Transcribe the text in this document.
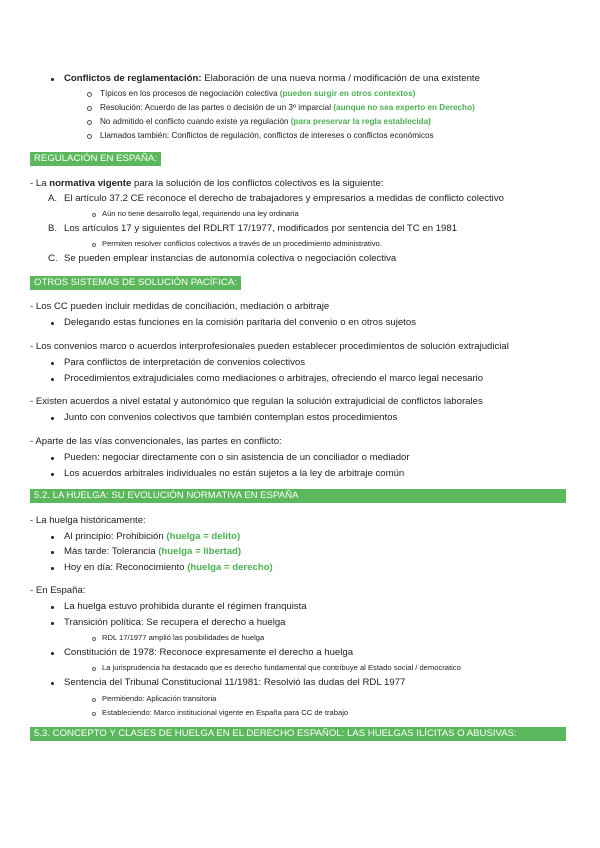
Conflictos de reglamentación: Elaboración de una nueva norma / modificación de una existente
Típicos en los procesos de negociación colectiva (pueden surgir en otros contextos)
Resolución: Acuerdo de las partes o decisión de un 3º imparcial (aunque no sea experto en Derecho)
No admitido el conflicto cuando existe ya regulación (para preservar la regla establecida)
Llamados también: Conflictos de regulación, conflictos de intereses o conflictos económicos
REGULACIÓN EN ESPAÑA:
- La normativa vigente para la solución de los conflictos colectivos es la siguiente:
A. El artículo 37.2 CE reconoce el derecho de trabajadores y empresarios a medidas de conflicto colectivo
Aún no tiene desarrollo legal, requiriendo una ley ordinaria
B. Los artículos 17 y siguientes del RDLRT 17/1977, modificados por sentencia del TC en 1981
Permiten resolver conflictos colectivos a través de un procedimiento administrativo.
C. Se pueden emplear instancias de autonomía colectiva o negociación colectiva
OTROS SISTEMAS DE SOLUCIÓN PACÍFICA:
- Los CC pueden incluir medidas de conciliación, mediación o arbitraje
Delegando estas funciones en la comisión paritaria del convenio o en otros sujetos
- Los convenios marco o acuerdos interprofesionales pueden establecer procedimientos de solución extrajudicial
Para conflictos de interpretación de convenios colectivos
Procedimientos extrajudiciales como mediaciones o arbitrajes, ofreciendo el marco legal necesario
- Existen acuerdos a nivel estatal y autonómico que regulan la solución extrajudicial de conflictos laborales
Junto con convenios colectivos que también contemplan estos procedimientos
- Aparte de las vías convencionales, las partes en conflicto:
Pueden: negociar directamente con o sin asistencia de un conciliador o mediador
Los acuerdos arbitrales individuales no están sujetos a la ley de arbitraje común
5.2. LA HUELGA: SU EVOLUCIÓN NORMATIVA EN ESPAÑA
- La huelga históricamente:
Al principio: Prohibición (huelga = delito)
Más tarde: Tolerancia (huelga = libertad)
Hoy en día: Reconocimiento (huelga = derecho)
- En España:
La huelga estuvo prohibida durante el régimen franquista
Transición política: Se recupera el derecho a huelga
RDL 17/1977 amplió las posibilidades de huelga
Constitución de 1978: Reconoce expresamente el derecho a huelga
La jurisprudencia ha destacado que es derecho fundamental que contribuye al Estado social / democratico
Sentencia del Tribunal Constitucional 11/1981: Resolvió las dudas del RDL 1977
Permitiendo: Aplicación transitoria
Estableciendo: Marco institucional vigente en España para CC de trabajo
5.3. CONCEPTO Y CLASES DE HUELGA EN EL DERECHO ESPAÑOL: LAS HUELGAS ILÍCITAS O ABUSIVAS:
